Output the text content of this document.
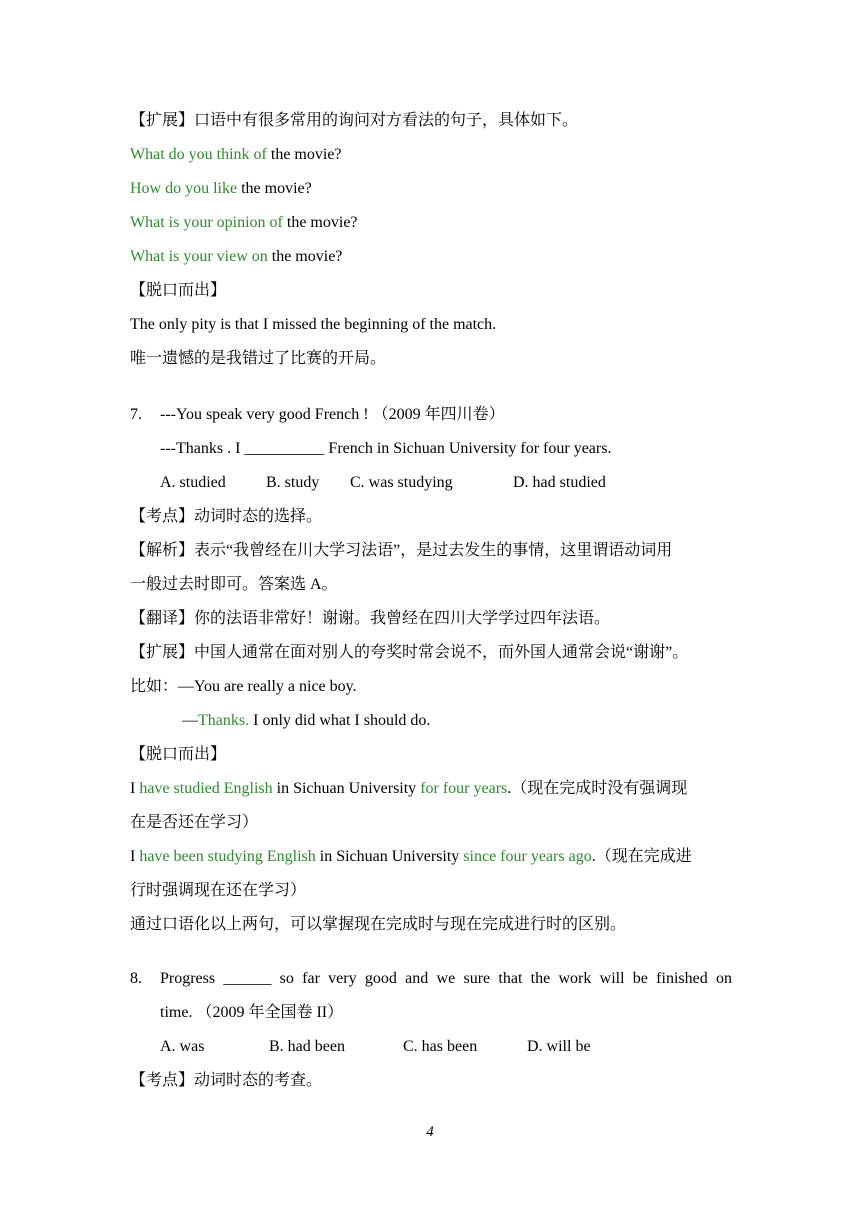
【扩展】口语中有很多常用的询问对方看法的句子，具体如下。
What do you think of the movie?
How do you like the movie?
What is your opinion of the movie?
What is your view on the movie?
【脱口而出】
The only pity is that I missed the beginning of the match.
唯一遗憾的是我错过了比赛的开局。
7. ---You speak very good French ! （2009 年四川卷）
---Thanks . I __________ French in Sichuan University for four years.
A. studied	B. study C. was studying	D. had studied
【考点】动词时态的选择。
【解析】表示“我曾经在川大学习法语”，是过去发生的事情，这里谓语动词用
一般过去时即可。答案选 A。
【翻译】你的法语非常好！谢谢。我曾经在四川大学学过四年法语。
【扩展】中国人通常在面对别人的夸奖时常会说不，而外国人通常会说“谢谢”。
比如：—You are really a nice boy.
—Thanks. I only did what I should do.
【脱口而出】
I have studied English in Sichuan University for four years.（现在完成时没有强调现
在是否还在学习）
I have been studying English in Sichuan University since four years ago.（现在完成进
行时强调现在还在学习）
通过口语化以上两句，可以掌握现在完成时与现在完成进行时的区别。
8. Progress ______ so far very good and we sure that the work will be finished on
time. （2009 年全国卷 II）
A. was	B. had been	C. has been	D. will be
【考点】动词时态的考查。
4
